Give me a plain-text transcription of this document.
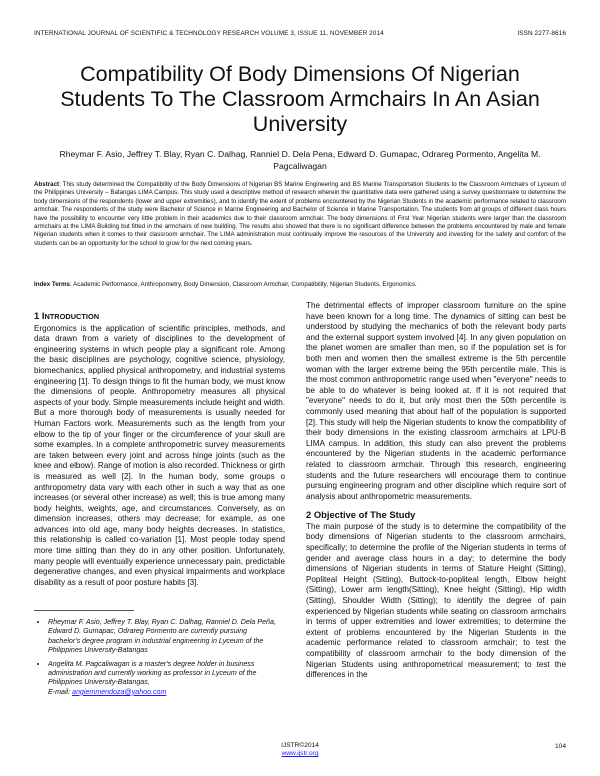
INTERNATIONAL JOURNAL OF SCIENTIFIC & TECHNOLOGY RESEARCH VOLUME 3, ISSUE 11, NOVEMBER 2014	ISSN 2277-8616
Compatibility Of Body Dimensions Of Nigerian Students To The Classroom Armchairs In An Asian University
Rheymar F. Asio, Jeffrey T. Blay, Ryan C. Dalhag, Ranniel D. Dela Pena, Edward D. Gumapac, Odrareg Pormento, Angelita M. Pagcaliwagan
Abstract: This study determined the Compatibility of the Body Dimensions of Nigerian BS Marine Engineering and BS Marine Transportation Students to the Classroom Armchairs of Lyceum of the Philippines University – Batangas LIMA Campus. This study used a descriptive method of research wherein the quantitative data were gathered using a survey questionnaire to determine the body dimensions of the respondents (lower and upper extremities), and to identify the extent of problems encountered by the Nigerian Students in the academic performance related to classroom armchair. The respondents of the study were Bachelor of Science in Marine Engineering and Bachelor of Science in Marine Transportation. The students from all groups of different class hours have the possibility to encounter very little problem in their academics due to their classroom armchair. The body dimensions of First Year Nigerian students were larger than the classroom armchairs at the LIMA Building but fitted in the armchairs of new building. The results also showed that there is no significant difference between the problems encountered by male and female Nigerian students when it comes to their classroom armchair. The LIMA administration must continually improve the resources of the University and investing for the safety and comfort of the students can be an opportunity for the school to grow for the next coming years.
Index Terms: Academic Performance, Anthropometry, Body Dimension, Classroom Armchair, Compatibility, Nigerian Students, Ergonomics.
1 INTRODUCTION

Ergonomics is the application of scientific principles, methods, and data drawn from a variety of disciplines to the development of engineering systems in which people play a significant role. Among the basic disciplines are psychology, cognitive science, physiology, biomechanics, applied physical anthropometry, and industrial systems engineering [1]. To design things to fit the human body, we must know the dimensions of people. Anthropometry measures all physical aspects of your body. Simple measurements include height and width. But a more thorough body of measurements is usually needed for Human Factors work. Measurements such as the length from your elbow to the tip of your finger or the circumference of your skull are some examples. In a complete anthropometric survey measurements are taken between every joint and across hinge joints (such as the knee and elbow). Range of motion is also recorded. Thickness or girth is measured as well [2]. In the human body, some groups o anthropometry data vary with each other in such a way that as one increases (or several other increase) as well; this is true among many body heights, weights, age, and circumstances. Conversely, as on dimension increases, others may decrease; for example, as one advances into old age, many body heights decreases. In statistics, this relationship is called co-variation [1]. Most people today spend more time sitting than they do in any other position. Unfortunately, many people will eventually experience unnecessary pain, predictable degenerative changes, and even physical impairments and workplace disability as a result of poor posture habits [3].

• Rheymar F. Asio, Jeffrey T. Blay, Ryan C. Dalhag, Ranniel D. Dela Peña, Edward D. Gumapac, Odrareg Pormento are currently pursuing bachelor's degree program in industrial engineering in Lyceum of the Philippines University-Batangas
• Angelita M. Pagcaliwagan is a master's degree holder in business administration and currently working as professor in Lyceum of the Philippines University-Batangas,
E-mail: angiemmendoza@yahoo.com

The detrimental effects of improper classroom furniture on the spine have been known for a long time. The dynamics of sitting can best be understood by studying the mechanics of both the relevant body parts and the external support system involved [4]. In any given population on the planet women are smaller than men, so if the population set is for both men and women then the smallest extreme is the 5th percentile woman with the larger extreme being the 95th percentile male. This is the most common anthropometric range used when "everyone" needs to be able to do whatever is being looked at. If it is not required that "everyone" needs to do it, but only most then the 50th percentile is commonly used meaning that about half of the population is supported [2]. This study will help the Nigerian students to know the compatibility of their body dimensions in the existing classroom armchairs at LPU-B LIMA campus. In addition, this study can also prevent the problems encountered by the Nigerian students in the academic performance related to classroom armchair. Through this research, engineering students and the future researchers will encourage them to continue pursuing engineering program and other discipline which require sort of analysis about anthropometric measurements.

2 Objective of The Study

The main purpose of the study is to determine the compatibility of the body dimensions of Nigerian students to the classroom armchairs, specifically; to determine the profile of the Nigerian students in terms of gender and average class hours in a day; to determine the body dimensions of Nigerian students in terms of Stature Height (Sitting), Popliteal Height (Sitting), Buttock-to-popliteal length, Elbow height (Sitting), Lower arm length(Sitting), Knee height (Sitting), Hip width (Sitting), Shoulder Width (Sitting); to identify the degree of pain experienced by Nigerian students while seating on classroom armchairs in terms of upper extremities and lower extremities; to determine the extent of problems encountered by the Nigerian Students in the academic performance related to classroom armchair; to test the compatibility of classroom armchair to the body dimension of the Nigerian Students using anthropometrical measurement; to test the differences in the

IJSTR©2014
www.ijstr.org
104
